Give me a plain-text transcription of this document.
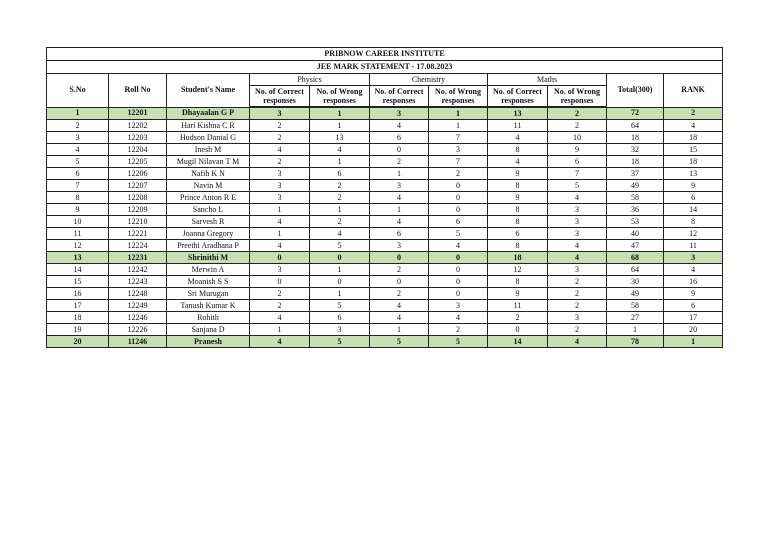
PRIBNOW CAREER INSTITUTE										
JEE MARK STATEMENT - 17.08.2023										
S.No	Roll No	Student's Name	Physics		Chemistry		Maths		Total(300)	RANK
			No. of Correct responses	No. of Wrong responses	No. of Correct responses	No. of Wrong responses	No. of Correct responses	No. of Wrong responses		
1	12201	Dhayaalan G P	3	1	3	1	13	2	72	2
2	12202	Hari Kishna C R	2	1	4	1	11	2	64	4
3	12203	Hudson Danial G	2	13	6	7	4	10	18	18
4	12204	Inesh M	4	4	0	3	8	9	32	15
5	12205	Mugil Nilavan T M	2	1	2	7	4	6	18	18
6	12206	Nafih K N	3	6	1	2	9	7	37	13
7	12207	Navin M	3	2	3	0	8	5	49	9
8	12208	Prince Anton R E	3	2	4	0	9	4	58	6
9	12209	Sancho L	1	1	1	0	8	3	36	14
10	12210	Sarvesh R	4	2	4	6	8	3	53	8
11	12221	Joanna Gregory	1	4	6	5	6	3	40	12
12	12224	Preethi Aradhana P	4	5	3	4	8	4	47	11
13	12231	Shrinithi M	0	0	0	0	18	4	68	3
14	12242	Merwin A	3	1	2	0	12	3	64	4
15	12243	Moanish S S	0	0	0	0	8	2	30	16
16	12248	Sri Murugan	2	1	2	0	9	2	49	9
17	12249	Tanush Kumar K	2	5	4	3	11	2	58	6
18	12246	Rohith	4	6	4	4	2	3	27	17
19	12226	Sanjana D	1	3	1	2	0	2	1	20
20	11246	Pranesh	4	5	5	5	14	4	78	1
